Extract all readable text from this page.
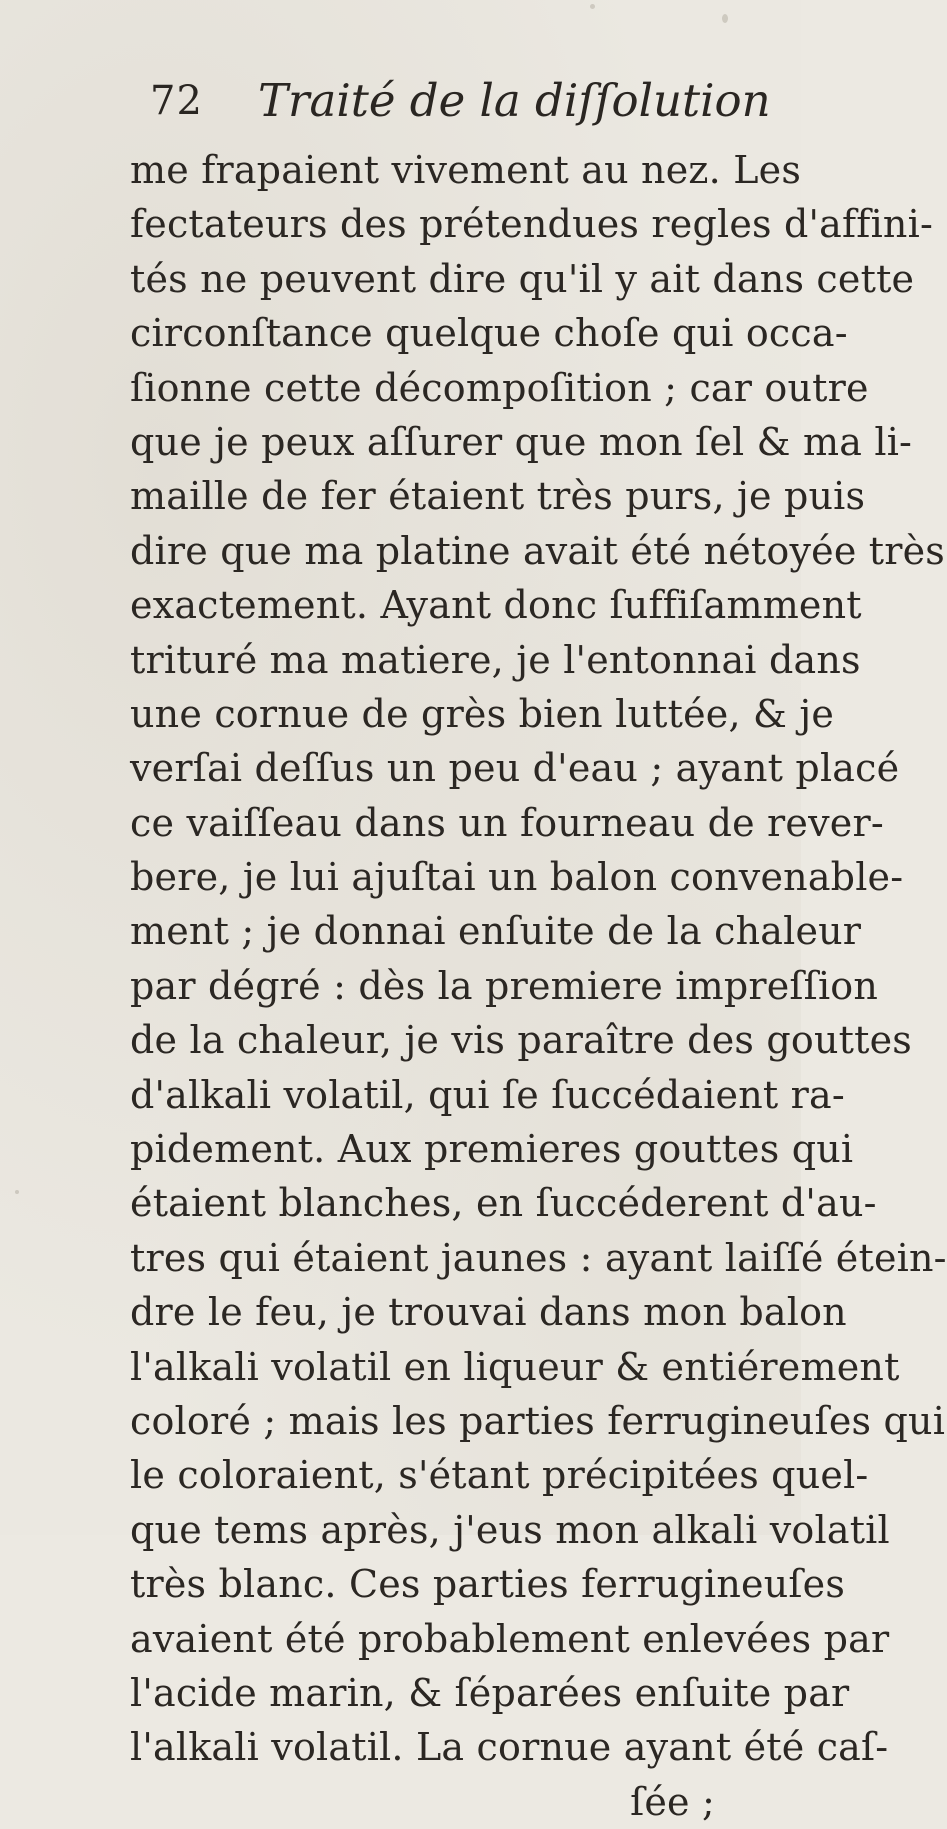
72 Traité de la diſſolution
me frapaient vivement au nez. Les
fectateurs des prétendues regles d'affini-
tés ne peuvent dire qu'il y ait dans cette
circonſtance quelque choſe qui occa-
ſionne cette décompoſition ; car outre
que je peux aſſurer que mon ſel & ma li-
maille de fer étaient très purs, je puis
dire que ma platine avait été nétoyée très
exactement. Ayant donc ſuffiſamment
trituré ma matiere, je l'entonnai dans
une cornue de grès bien luttée, & je
verſai deſſus un peu d'eau ; ayant placé
ce vaiſſeau dans un fourneau de rever-
bere, je lui ajuſtai un balon convenable-
ment ; je donnai enſuite de la chaleur
par dégré : dès la premiere impreſſion
de la chaleur, je vis paraître des gouttes
d'alkali volatil, qui ſe ſuccédaient ra-
pidement. Aux premieres gouttes qui
étaient blanches, en ſuccéderent d'au-
tres qui étaient jaunes : ayant laiſſé étein-
dre le feu, je trouvai dans mon balon
l'alkali volatil en liqueur & entiérement
coloré ; mais les parties ferrugineuſes qui
le coloraient, s'étant précipitées quel-
que tems après, j'eus mon alkali volatil
très blanc. Ces parties ferrugineuſes
avaient été probablement enlevées par
l'acide marin, & ſéparées enſuite par
l'alkali volatil. La cornue ayant été caſ-
ſée ;
